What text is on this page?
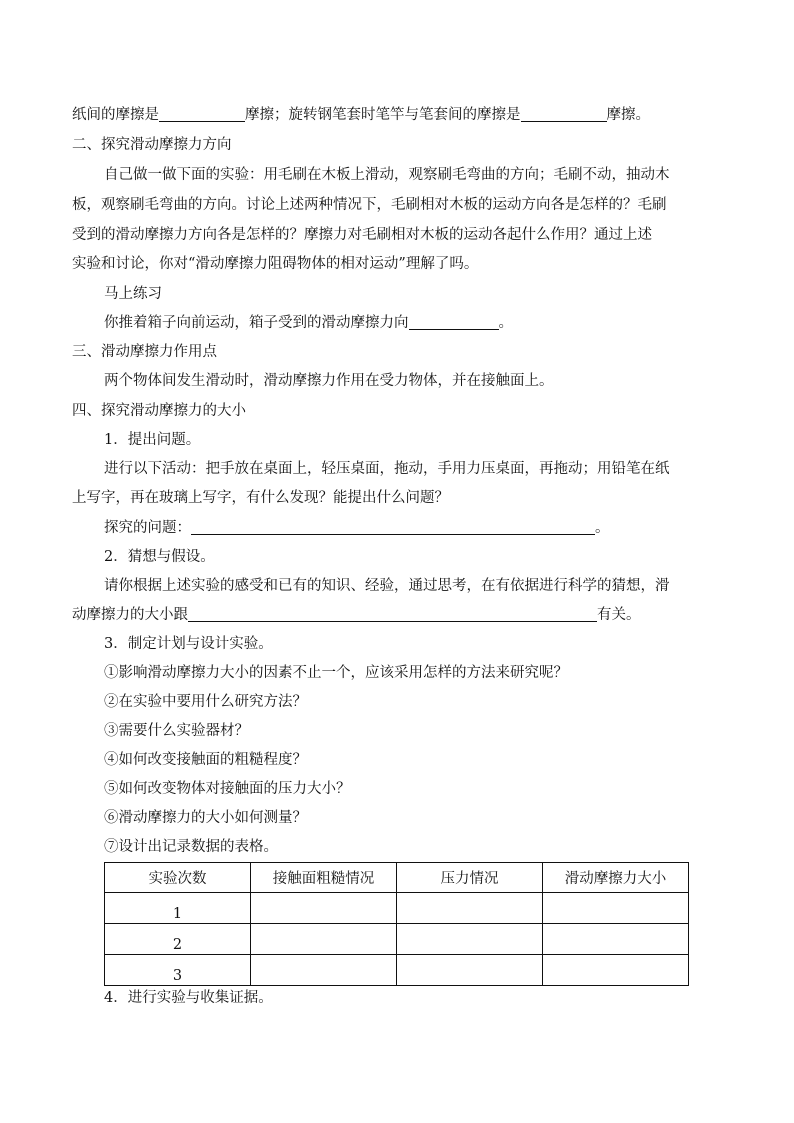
纸间的摩擦是	摩擦；旋转钢笔套时笔竿与笔套间的摩擦是	摩擦。
二、探究滑动摩擦力方向
自己做一做下面的实验：用毛刷在木板上滑动，观察刷毛弯曲的方向；毛刷不动，抽动木
板，观察刷毛弯曲的方向。讨论上述两种情况下，毛刷相对木板的运动方向各是怎样的？毛刷
受到的滑动摩擦力方向各是怎样的？摩擦力对毛刷相对木板的运动各起什么作用？通过上述
实验和讨论，你对“滑动摩擦力阻碍物体的相对运动”理解了吗。
马上练习
你推着箱子向前运动，箱子受到的滑动摩擦力向	。
三、滑动摩擦力作用点
两个物体间发生滑动时，滑动摩擦力作用在受力物体，并在接触面上。
四、探究滑动摩擦力的大小
1．提出问题。
进行以下活动：把手放在桌面上，轻压桌面，拖动，手用力压桌面，再拖动；用铅笔在纸
上写字，再在玻璃上写字，有什么发现？能提出什么问题？
探究的问题：	。
2．猜想与假设。
请你根据上述实验的感受和已有的知识、经验，通过思考，在有依据进行科学的猜想，滑
动摩擦力的大小跟	有关。
3．制定计划与设计实验。
①影响滑动摩擦力大小的因素不止一个，应该采用怎样的方法来研究呢？
②在实验中要用什么研究方法？
③需要什么实验器材？
④如何改变接触面的粗糙程度？
⑤如何改变物体对接触面的压力大小？
⑥滑动摩擦力的大小如何测量？
⑦设计出记录数据的表格。
实验次数	接触面粗糙情况	压力情况	滑动摩擦力大小
1			
2			
3			
4．进行实验与收集证据。
